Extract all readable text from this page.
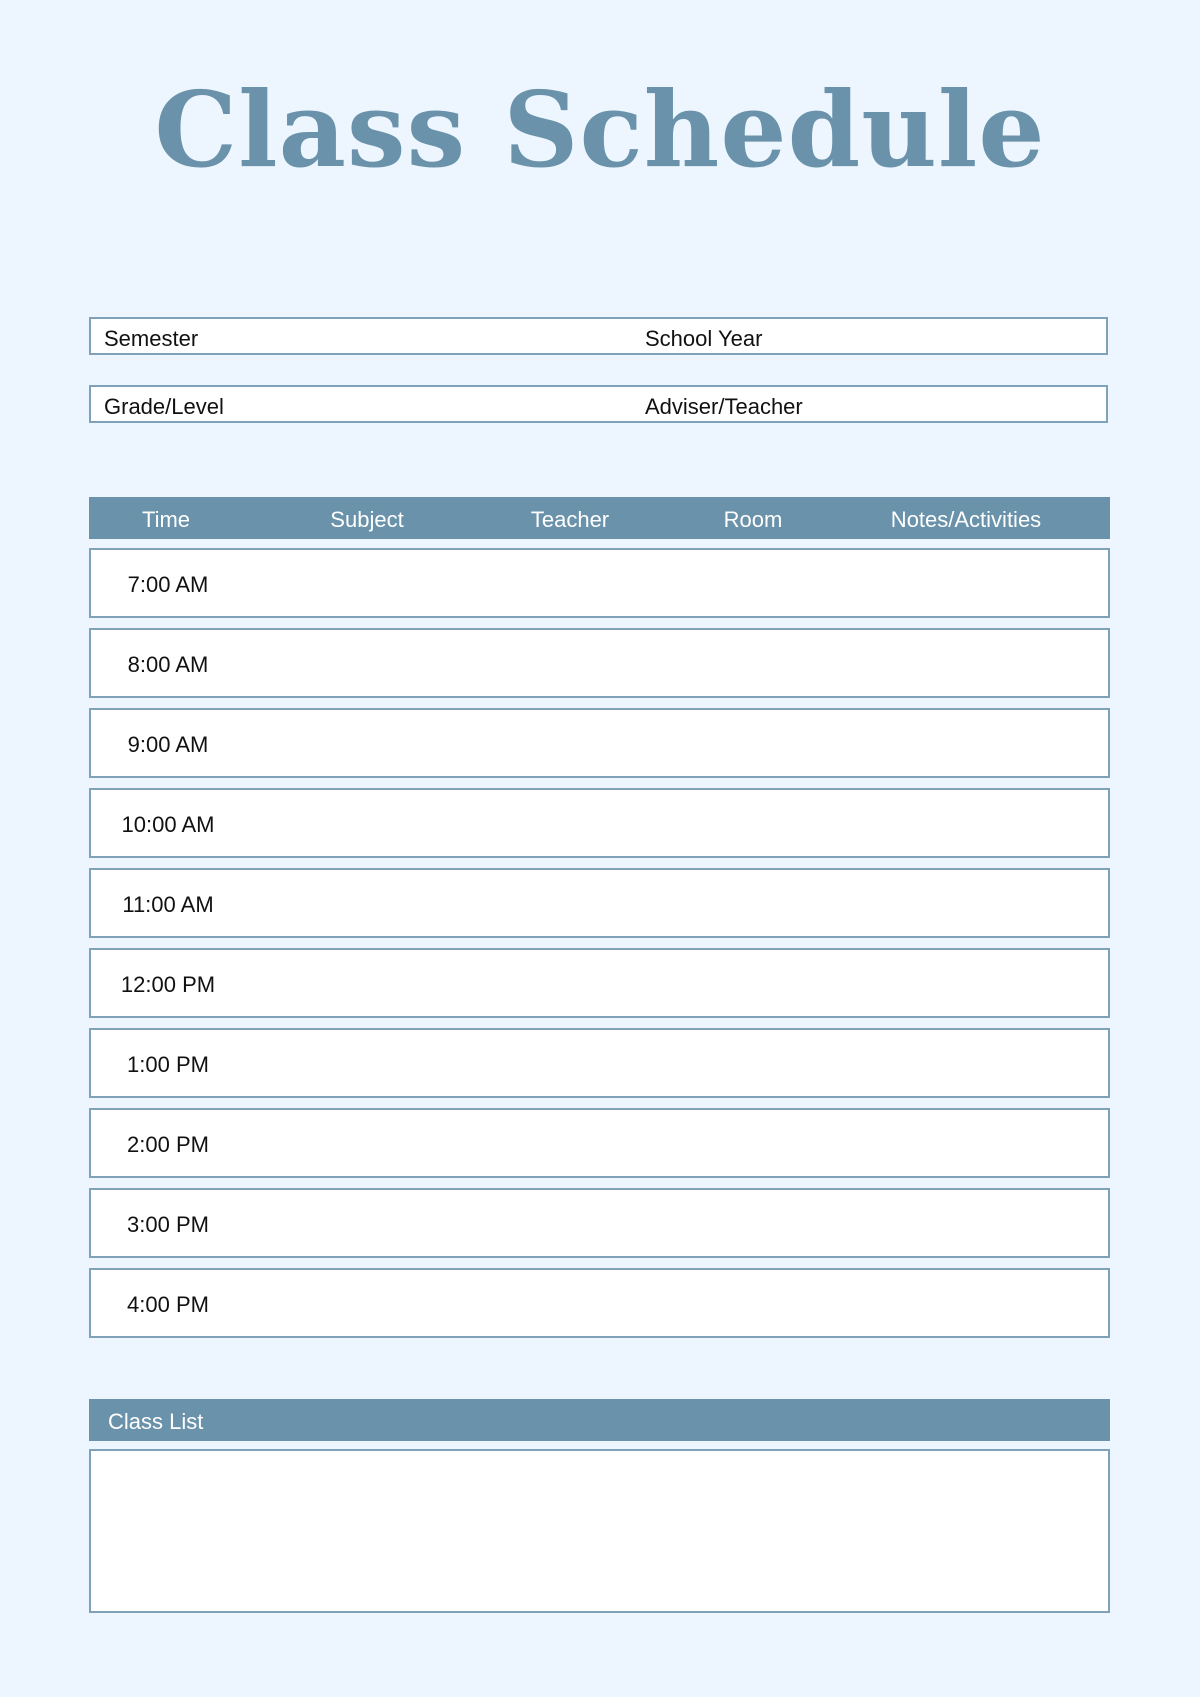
Class Schedule
Semester	School Year
Grade/Level	Adviser/Teacher
Time	Subject	Teacher	Room	Notes/Activities
7:00 AM
8:00 AM
9:00 AM
10:00 AM
11:00 AM
12:00 PM
1:00 PM
2:00 PM
3:00 PM
4:00 PM
Class List
